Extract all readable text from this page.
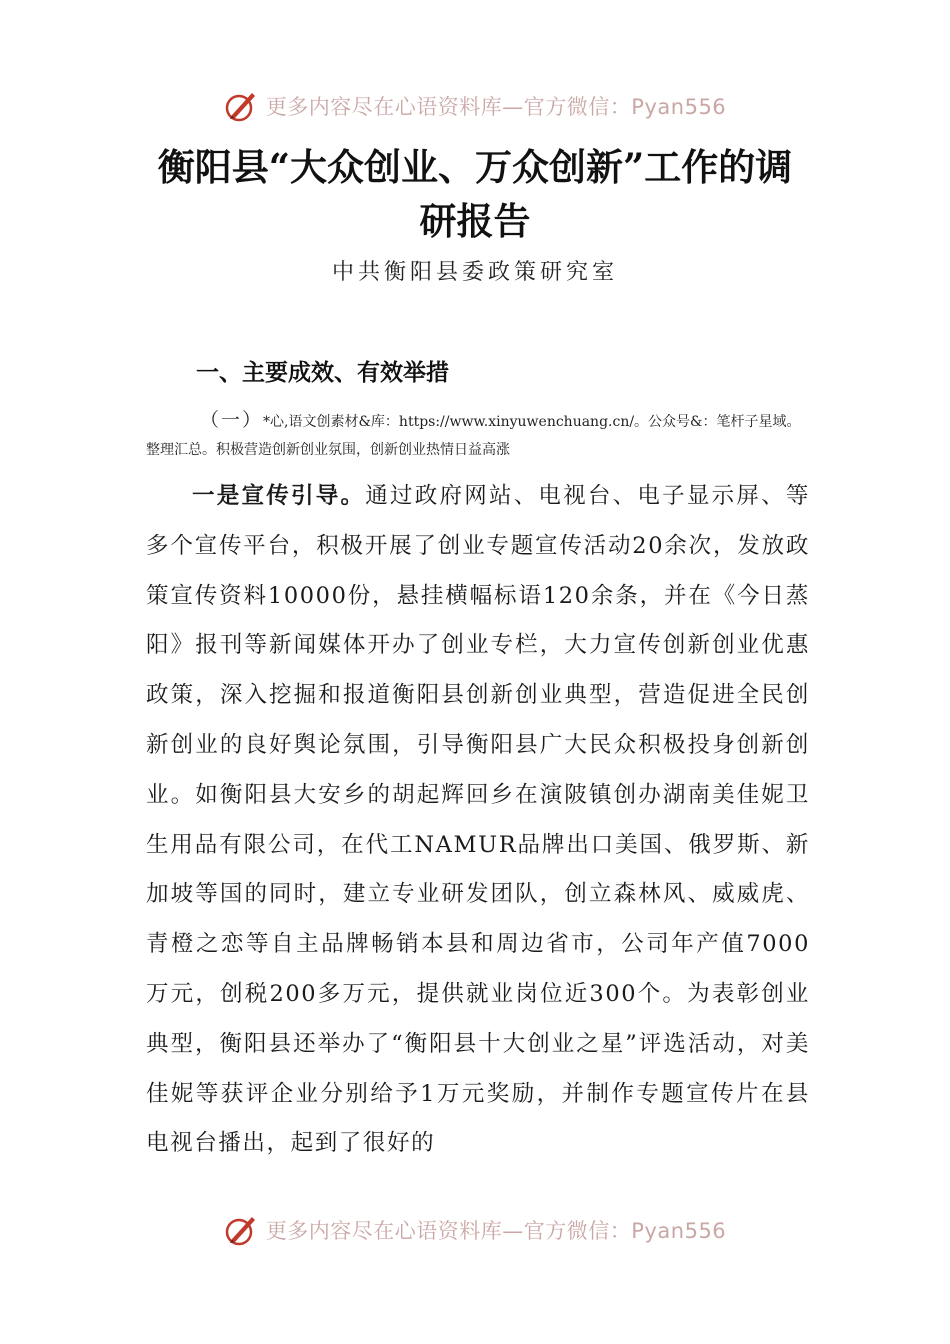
更多内容尽在心语资料库—官方微信：Pyan556
衡阳县“大众创业、万众创新”工作的调研报告
中共衡阳县委政策研究室
一、主要成效、有效举措
（一）*心,语文创素材&库：https://www.xinyuwenchuang.cn/。公众号&：笔杆子星域。整理汇总。积极营造创新创业氛围，创新创业热情日益高涨
一是宣传引导。通过政府网站、电视台、电子显示屏、等多个宣传平台，积极开展了创业专题宣传活动20余次，发放政策宣传资料10000份，悬挂横幅标语120余条，并在《今日蒸阳》报刊等新闻媒体开办了创业专栏，大力宣传创新创业优惠政策，深入挖掘和报道衡阳县创新创业典型，营造促进全民创新创业的良好舆论氛围，引导衡阳县广大民众积极投身创新创业。如衡阳县大安乡的胡起辉回乡在演陂镇创办湖南美佳妮卫生用品有限公司，在代工NAMUR品牌出口美国、俄罗斯、新加坡等国的同时，建立专业研发团队，创立森林风、威威虎、青橙之恋等自主品牌畅销本县和周边省市，公司年产值7000万元，创税200多万元，提供就业岗位近300个。为表彰创业典型，衡阳县还举办了“衡阳县十大创业之星”评选活动，对美佳妮等获评企业分别给予1万元奖励，并制作专题宣传片在县电视台播出，起到了很好的
更多内容尽在心语资料库—官方微信：Pyan556
